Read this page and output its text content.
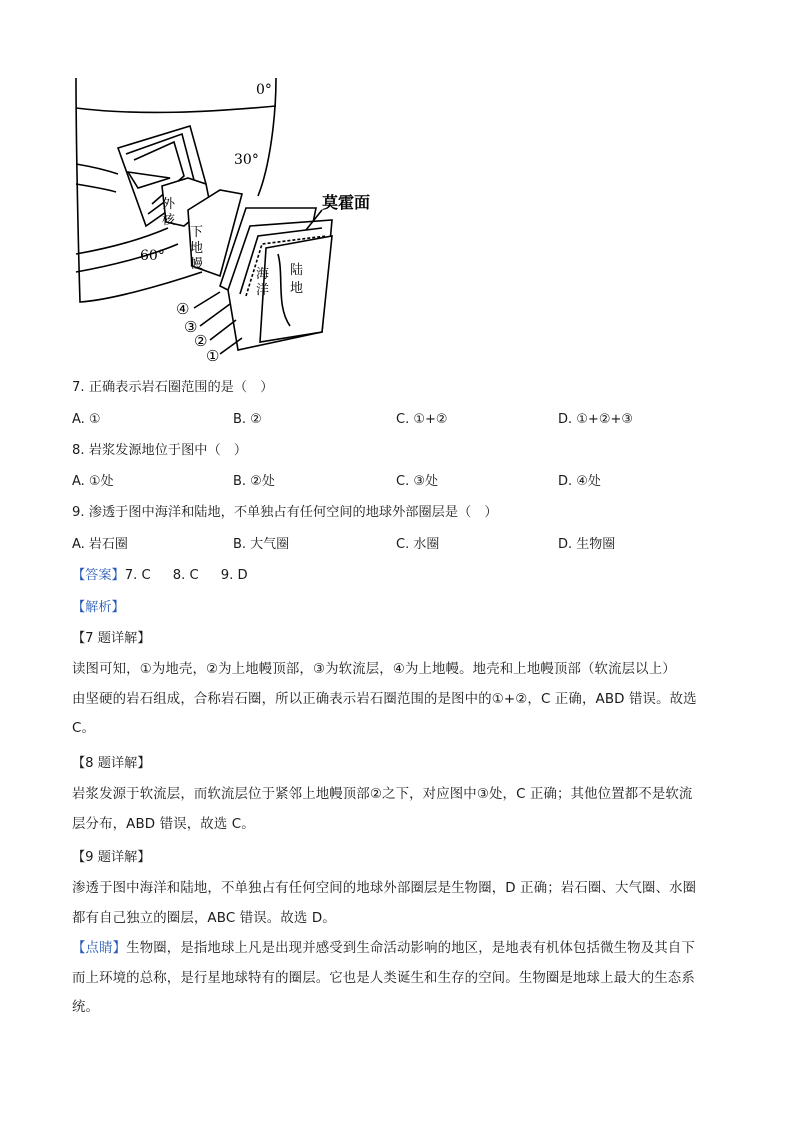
0°
30°
60°
外
核
下
地
幔
莫霍面
海
洋
陆
地
④
③
②
①
7. 正确表示岩石圈范围的是（　）
A. ①	B. ②	C. ①+②	D. ①+②+③
8. 岩浆发源地位于图中（　）
A. ①处	B. ②处	C. ③处	D. ④处
9. 渗透于图中海洋和陆地，不单独占有任何空间的地球外部圈层是（　）
A. 岩石圈	B. 大气圈	C. 水圈	D. 生物圈
【答案】7. C 8. C 9. D
【解析】
【7 题详解】
读图可知，①为地壳，②为上地幔顶部，③为软流层，④为上地幔。地壳和上地幔顶部（软流层以上）
由坚硬的岩石组成，合称岩石圈，所以正确表示岩石圈范围的是图中的①+②，C 正确，ABD 错误。故选
C。
【8 题详解】
岩浆发源于软流层，而软流层位于紧邻上地幔顶部②之下，对应图中③处，C 正确；其他位置都不是软流
层分布，ABD 错误，故选 C。
【9 题详解】
渗透于图中海洋和陆地，不单独占有任何空间的地球外部圈层是生物圈，D 正确；岩石圈、大气圈、水圈
都有自己独立的圈层，ABC 错误。故选 D。
【点睛】生物圈，是指地球上凡是出现并感受到生命活动影响的地区，是地表有机体包括微生物及其自下
而上环境的总称，是行星地球特有的圈层。它也是人类诞生和生存的空间。生物圈是地球上最大的生态系
统。
